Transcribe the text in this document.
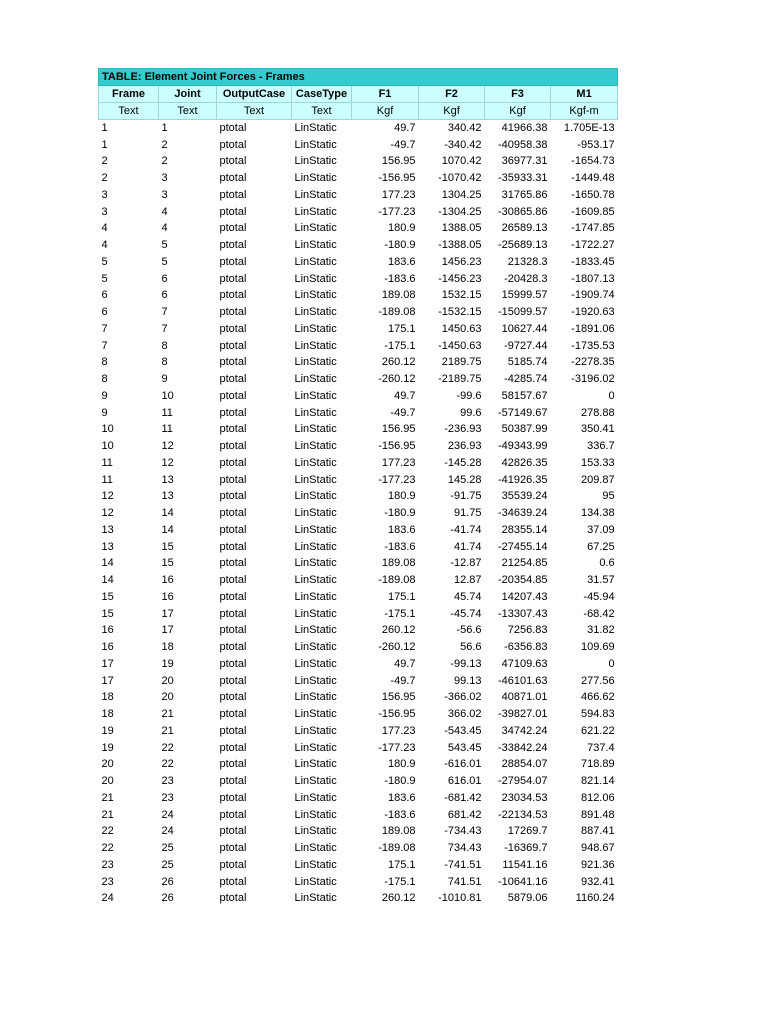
TABLE: Element Joint Forces - Frames							
Frame	Joint	OutputCase	CaseType	F1	F2	F3	M1
Text	Text	Text	Text	Kgf	Kgf	Kgf	Kgf-m
1	1	ptotal	LinStatic	49.7	340.42	41966.38	1.705E-13
1	2	ptotal	LinStatic	-49.7	-340.42	-40958.38	-953.17
2	2	ptotal	LinStatic	156.95	1070.42	36977.31	-1654.73
2	3	ptotal	LinStatic	-156.95	-1070.42	-35933.31	-1449.48
3	3	ptotal	LinStatic	177.23	1304.25	31765.86	-1650.78
3	4	ptotal	LinStatic	-177.23	-1304.25	-30865.86	-1609.85
4	4	ptotal	LinStatic	180.9	1388.05	26589.13	-1747.85
4	5	ptotal	LinStatic	-180.9	-1388.05	-25689.13	-1722.27
5	5	ptotal	LinStatic	183.6	1456.23	21328.3	-1833.45
5	6	ptotal	LinStatic	-183.6	-1456.23	-20428.3	-1807.13
6	6	ptotal	LinStatic	189.08	1532.15	15999.57	-1909.74
6	7	ptotal	LinStatic	-189.08	-1532.15	-15099.57	-1920.63
7	7	ptotal	LinStatic	175.1	1450.63	10627.44	-1891.06
7	8	ptotal	LinStatic	-175.1	-1450.63	-9727.44	-1735.53
8	8	ptotal	LinStatic	260.12	2189.75	5185.74	-2278.35
8	9	ptotal	LinStatic	-260.12	-2189.75	-4285.74	-3196.02
9	10	ptotal	LinStatic	49.7	-99.6	58157.67	0
9	11	ptotal	LinStatic	-49.7	99.6	-57149.67	278.88
10	11	ptotal	LinStatic	156.95	-236.93	50387.99	350.41
10	12	ptotal	LinStatic	-156.95	236.93	-49343.99	336.7
11	12	ptotal	LinStatic	177.23	-145.28	42826.35	153.33
11	13	ptotal	LinStatic	-177.23	145.28	-41926.35	209.87
12	13	ptotal	LinStatic	180.9	-91.75	35539.24	95
12	14	ptotal	LinStatic	-180.9	91.75	-34639.24	134.38
13	14	ptotal	LinStatic	183.6	-41.74	28355.14	37.09
13	15	ptotal	LinStatic	-183.6	41.74	-27455.14	67.25
14	15	ptotal	LinStatic	189.08	-12.87	21254.85	0.6
14	16	ptotal	LinStatic	-189.08	12.87	-20354.85	31.57
15	16	ptotal	LinStatic	175.1	45.74	14207.43	-45.94
15	17	ptotal	LinStatic	-175.1	-45.74	-13307.43	-68.42
16	17	ptotal	LinStatic	260.12	-56.6	7256.83	31.82
16	18	ptotal	LinStatic	-260.12	56.6	-6356.83	109.69
17	19	ptotal	LinStatic	49.7	-99.13	47109.63	0
17	20	ptotal	LinStatic	-49.7	99.13	-46101.63	277.56
18	20	ptotal	LinStatic	156.95	-366.02	40871.01	466.62
18	21	ptotal	LinStatic	-156.95	366.02	-39827.01	594.83
19	21	ptotal	LinStatic	177.23	-543.45	34742.24	621.22
19	22	ptotal	LinStatic	-177.23	543.45	-33842.24	737.4
20	22	ptotal	LinStatic	180.9	-616.01	28854.07	718.89
20	23	ptotal	LinStatic	-180.9	616.01	-27954.07	821.14
21	23	ptotal	LinStatic	183.6	-681.42	23034.53	812.06
21	24	ptotal	LinStatic	-183.6	681.42	-22134.53	891.48
22	24	ptotal	LinStatic	189.08	-734.43	17269.7	887.41
22	25	ptotal	LinStatic	-189.08	734.43	-16369.7	948.67
23	25	ptotal	LinStatic	175.1	-741.51	11541.16	921.36
23	26	ptotal	LinStatic	-175.1	741.51	-10641.16	932.41
24	26	ptotal	LinStatic	260.12	-1010.81	5879.06	1160.24
